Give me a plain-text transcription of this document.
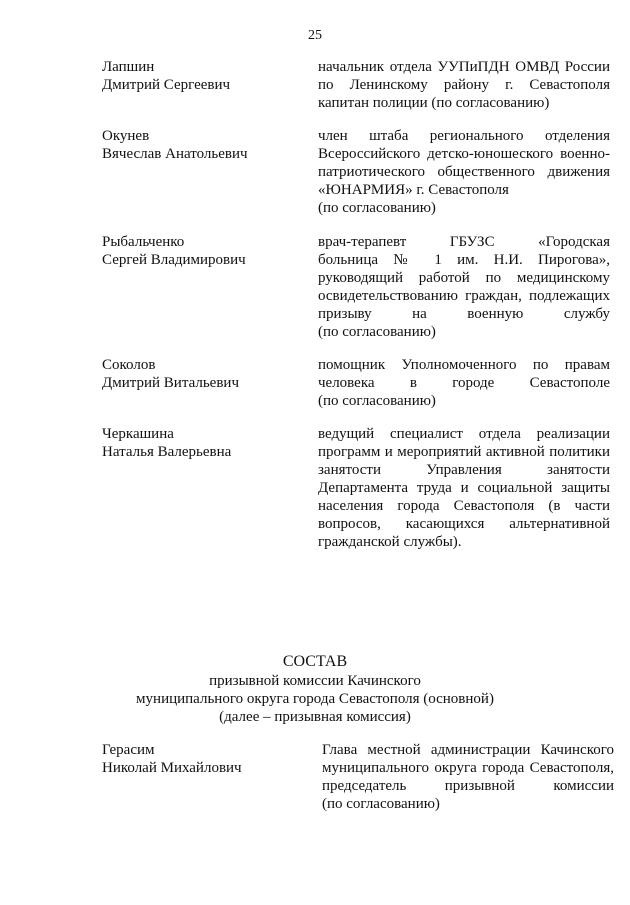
25
Лапшин
Дмитрий Сергеевич
начальник отдела УУПиПДН ОМВД России
по Ленинскому району г. Севастополя
капитан полиции (по согласованию)
Окунев
Вячеслав Анатольевич
член штаба регионального отделения
Всероссийского детско-юношеского военно-
патриотического общественного движения
«ЮНАРМИЯ» г. Севастополя
(по согласованию)
Рыбальченко
Сергей Владимирович
врач-терапевт ГБУЗС «Городская
больница № 1 им. Н.И. Пирогова»,
руководящий работой по медицинскому
освидетельствованию граждан, подлежащих
призыву на военную службу
(по согласованию)
Соколов
Дмитрий Витальевич
помощник Уполномоченного по правам
человека в городе Севастополе
(по согласованию)
Черкашина
Наталья Валерьевна
ведущий специалист отдела реализации
программ и мероприятий активной политики
занятости Управления занятости
Департамента труда и социальной защиты
населения города Севастополя (в части
вопросов, касающихся альтернативной
гражданской службы).
СОСТАВ
призывной комиссии Качинского
муниципального округа города Севастополя (основной)
(далее – призывная комиссия)
Герасим
Николай Михайлович
Глава местной администрации Качинского
муниципального округа города Севастополя,
председатель призывной комиссии
(по согласованию)
